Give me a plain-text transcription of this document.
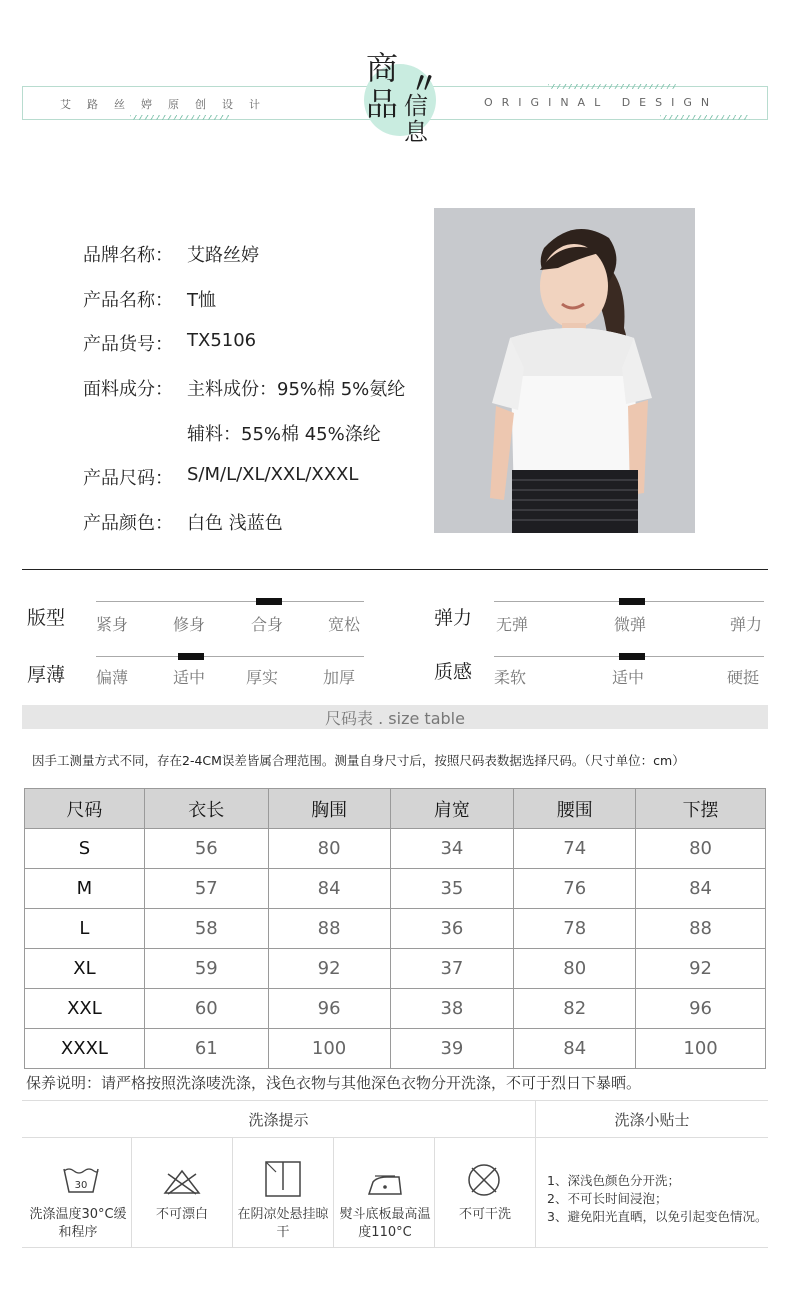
艾路丝婷原创设计	ORIGINAL DESIGN
商
品 信
息
〃
品牌名称： 艾路丝婷
产品名称： T恤
产品货号： TX5106
面料成分： 主料成份：95%棉 5%氨纶
辅料：55%棉 45%涤纶
产品尺码： S/M/L/XL/XXL/XXXL
产品颜色： 白色 浅蓝色
版型 紧身	修身	合身	宽松	弹力 无弹	微弹	弹力
厚薄 偏薄	适中	厚实	加厚	质感 柔软	适中	硬挺
尺码表 . size table
因手工测量方式不同，存在2-4CM误差皆属合理范围。测量自身尺寸后，按照尺码表数据选择尺码。（尺寸单位：cm）
尺码	衣长	胸围	肩宽	腰围	下摆
S	56	80	34	74	80
M	57	84	35	76	84
L	58	88	36	78	88
XL	59	92	37	80	92
XXL	60	96	38	82	96
XXXL	61	100	39	84	100
保养说明：请严格按照洗涤唛洗涤，浅色衣物与其他深色衣物分开洗涤，不可于烈日下暴晒。
洗涤提示	洗涤小贴士
30
洗涤温度30°C缓和程序
不可漂白	在阴凉处悬挂晾干
熨斗底板最高温度110°C
不可干洗
1、深浅色颜色分开洗；
2、不可长时间浸泡；
3、避免阳光直晒，以免引起变色情况。
